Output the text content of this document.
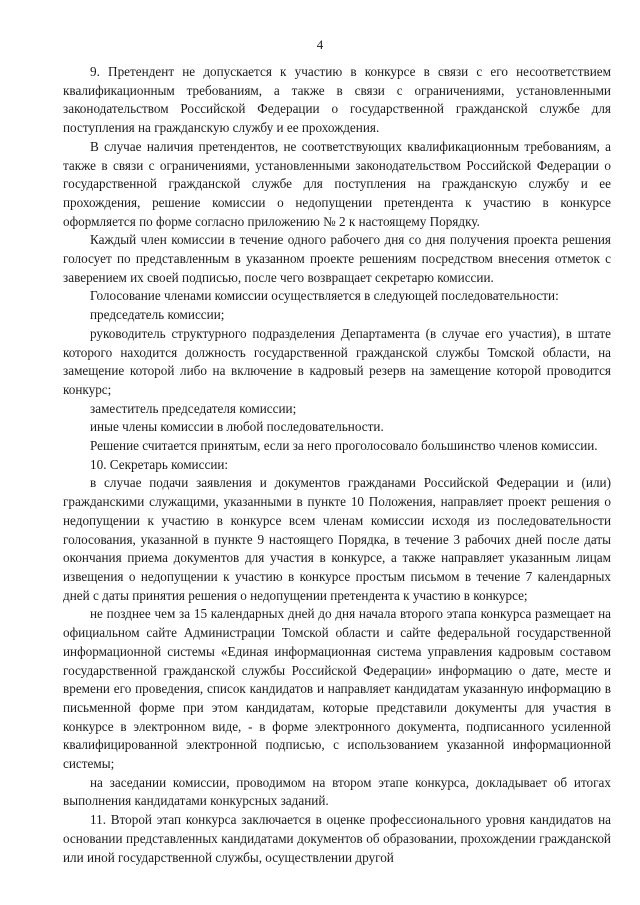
4

9. Претендент не допускается к участию в конкурсе в связи с его несоответствием квалификационным требованиям, а также в связи с ограничениями, установленными законодательством Российской Федерации о государственной гражданской службе для поступления на гражданскую службу и ее прохождения.

В случае наличия претендентов, не соответствующих квалификационным требованиям, а также в связи с ограничениями, установленными законодательством Российской Федерации о государственной гражданской службе для поступления на гражданскую службу и ее прохождения, решение комиссии о недопущении претендента к участию в конкурсе оформляется по форме согласно приложению № 2 к настоящему Порядку.

Каждый член комиссии в течение одного рабочего дня со дня получения проекта решения голосует по представленным в указанном проекте решениям посредством внесения отметок с заверением их своей подписью, после чего возвращает секретарю комиссии.

Голосование членами комиссии осуществляется в следующей последовательности:

председатель комиссии;

руководитель структурного подразделения Департамента (в случае его участия), в штате которого находится должность государственной гражданской службы Томской области, на замещение которой либо на включение в кадровый резерв на замещение которой проводится конкурс;

заместитель председателя комиссии;

иные члены комиссии в любой последовательности.

Решение считается принятым, если за него проголосовало большинство членов комиссии.

10. Секретарь комиссии:

в случае подачи заявления и документов гражданами Российской Федерации и (или) гражданскими служащими, указанными в пункте 10 Положения, направляет проект решения о недопущении к участию в конкурсе всем членам комиссии исходя из последовательности голосования, указанной в пункте 9 настоящего Порядка, в течение 3 рабочих дней после даты окончания приема документов для участия в конкурсе, а также направляет указанным лицам извещения о недопущении к участию в конкурсе простым письмом в течение 7 календарных дней с даты принятия решения о недопущении претендента к участию в конкурсе;

не позднее чем за 15 календарных дней до дня начала второго этапа конкурса размещает на официальном сайте Администрации Томской области и сайте федеральной государственной информационной системы «Единая информационная система управления кадровым составом государственной гражданской службы Российской Федерации» информацию о дате, месте и времени его проведения, список кандидатов и направляет кандидатам указанную информацию в письменной форме при этом кандидатам, которые представили документы для участия в конкурсе в электронном виде, - в форме электронного документа, подписанного усиленной квалифицированной электронной подписью, с использованием указанной информационной системы;

на заседании комиссии, проводимом на втором этапе конкурса, докладывает об итогах выполнения кандидатами конкурсных заданий.

11. Второй этап конкурса заключается в оценке профессионального уровня кандидатов на основании представленных кандидатами документов об образовании, прохождении гражданской или иной государственной службы, осуществлении другой
